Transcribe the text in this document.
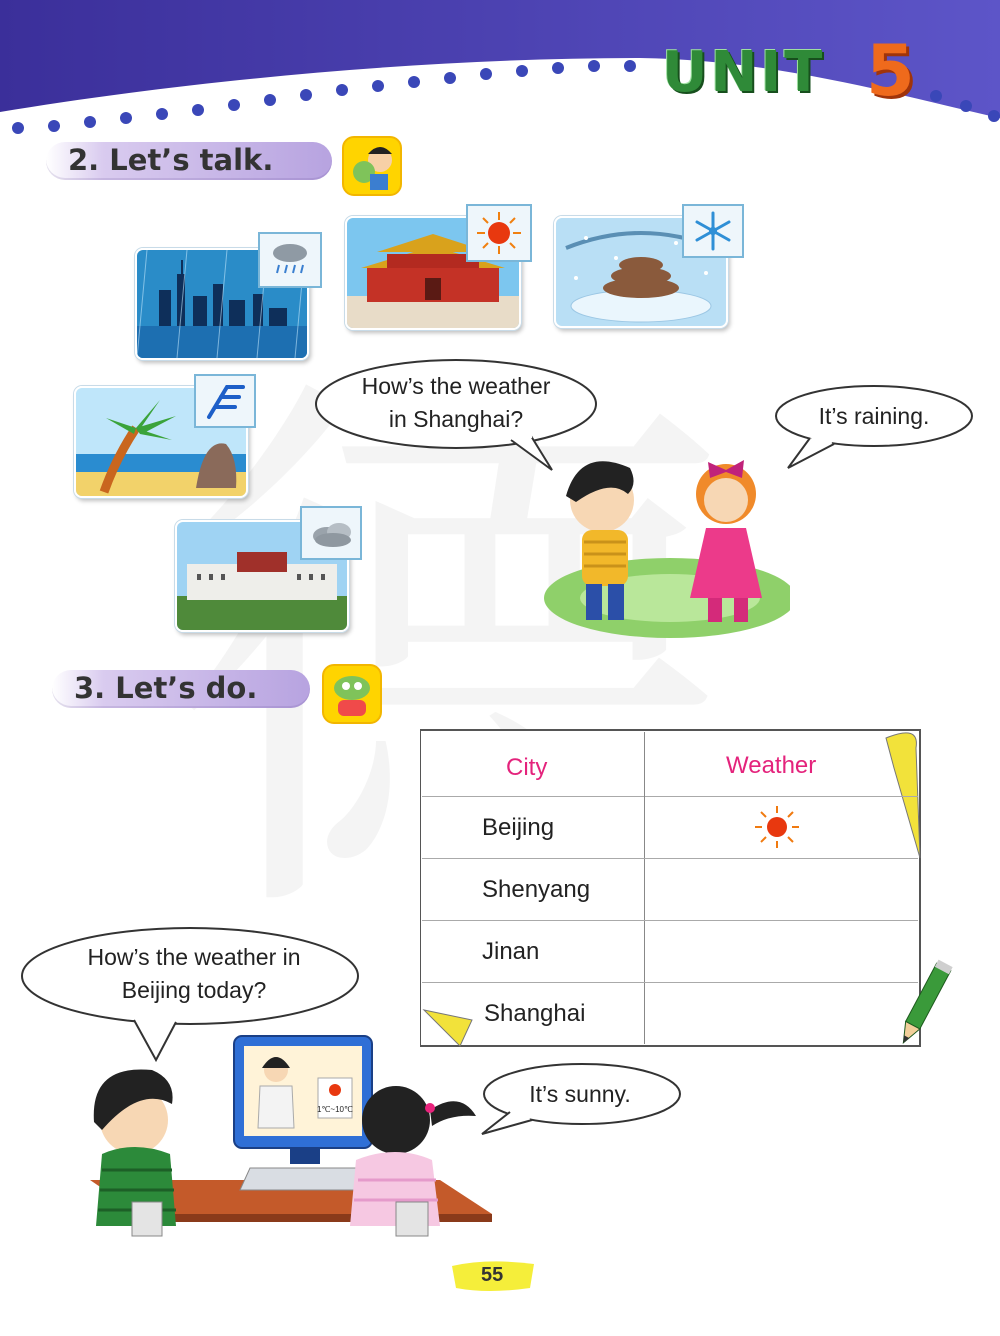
UNIT 5
2. Let’s talk.
How’s the weather
in Shanghai?	It’s raining.
3. Let’s do.
City	Weather
Beijing
Shenyang
Jinan
Shanghai
How’s the weather in
Beijing today?
It’s sunny.
1℃~10℃
55
